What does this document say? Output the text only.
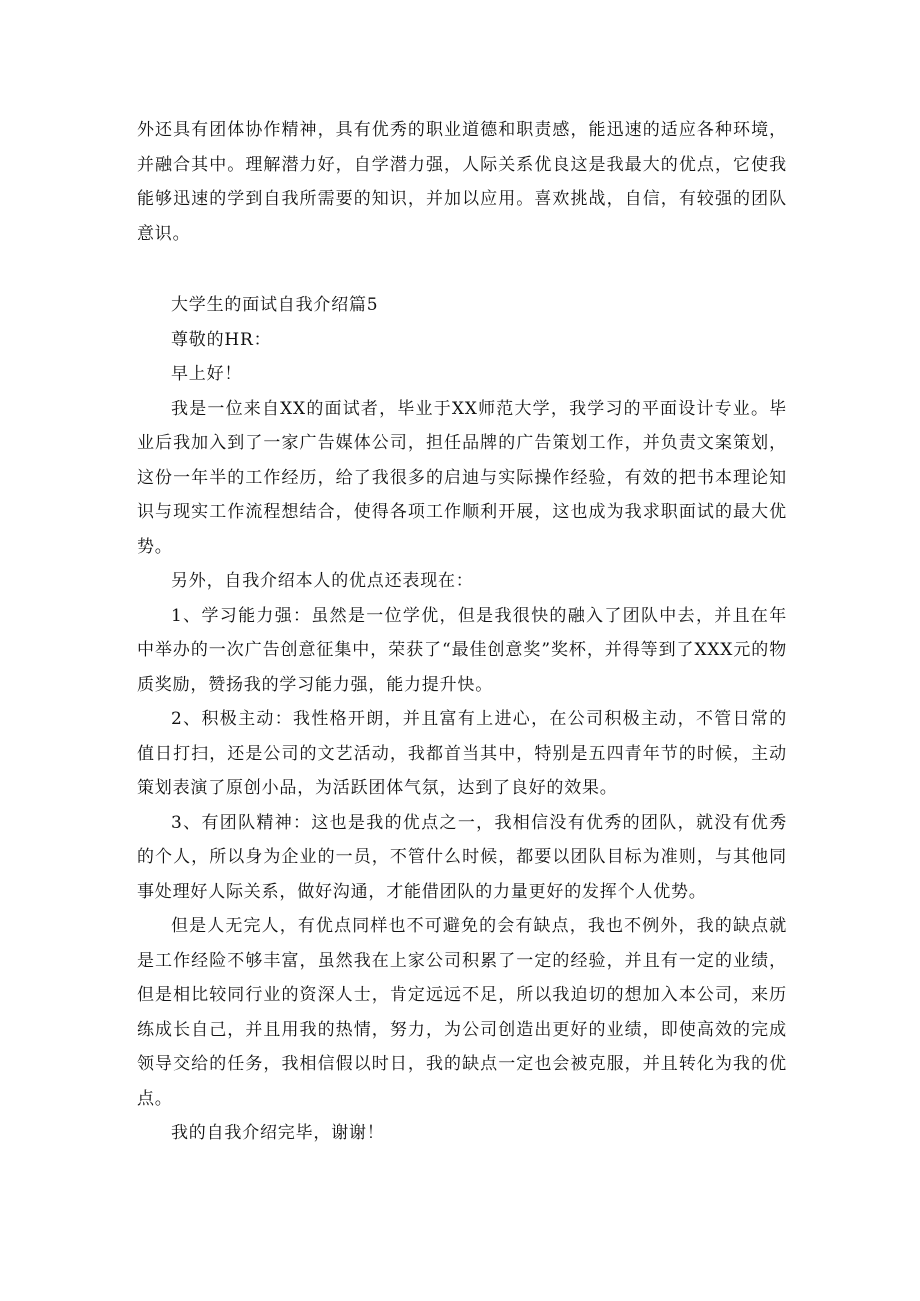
外还具有团体协作精神，具有优秀的职业道德和职责感，能迅速的适应各种环境，并融合其中。理解潜力好，自学潜力强，人际关系优良这是我最大的优点，它使我能够迅速的学到自我所需要的知识，并加以应用。喜欢挑战，自信，有较强的团队意识。

大学生的面试自我介绍篇5

尊敬的HR：

早上好！

我是一位来自XX的面试者，毕业于XX师范大学，我学习的平面设计专业。毕业后我加入到了一家广告媒体公司，担任品牌的广告策划工作，并负责文案策划，这份一年半的工作经历，给了我很多的启迪与实际操作经验，有效的把书本理论知识与现实工作流程想结合，使得各项工作顺利开展，这也成为我求职面试的最大优势。

另外，自我介绍本人的优点还表现在：

1、学习能力强：虽然是一位学优，但是我很快的融入了团队中去，并且在年中举办的一次广告创意征集中，荣获了“最佳创意奖”奖杯，并得等到了XXX元的物质奖励，赞扬我的学习能力强，能力提升快。

2、积极主动：我性格开朗，并且富有上进心，在公司积极主动，不管日常的值日打扫，还是公司的文艺活动，我都首当其中，特别是五四青年节的时候，主动策划表演了原创小品，为活跃团体气氛，达到了良好的效果。

3、有团队精神：这也是我的优点之一，我相信没有优秀的团队，就没有优秀的个人，所以身为企业的一员，不管什么时候，都要以团队目标为准则，与其他同事处理好人际关系，做好沟通，才能借团队的力量更好的发挥个人优势。

但是人无完人，有优点同样也不可避免的会有缺点，我也不例外，我的缺点就是工作经险不够丰富，虽然我在上家公司积累了一定的经验，并且有一定的业绩，但是相比较同行业的资深人士，肯定远远不足，所以我迫切的想加入本公司，来历练成长自己，并且用我的热情，努力，为公司创造出更好的业绩，即使高效的完成领导交给的任务，我相信假以时日，我的缺点一定也会被克服，并且转化为我的优点。

我的自我介绍完毕，谢谢！
